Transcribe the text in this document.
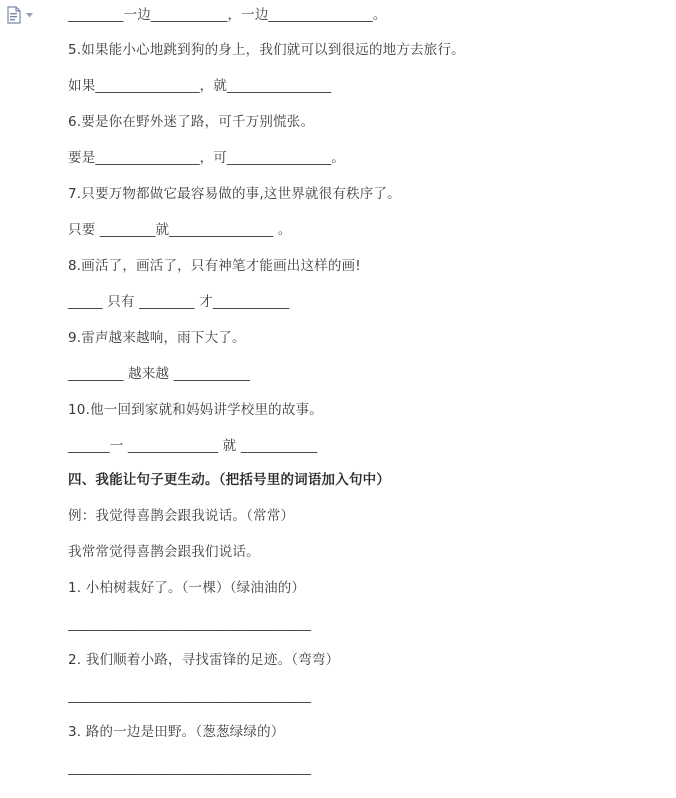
________一边___________，一边_______________。
5.如果能小心地跳到狗的身上，我们就可以到很远的地方去旅行。
如果_______________，就_______________
6.要是你在野外迷了路，可千万别慌张。
要是_______________，可_______________。
7.只要万物都做它最容易做的事,这世界就很有秩序了。
只要 ________就_______________ 。
8.画活了，画活了，只有神笔才能画出这样的画!
_____ 只有 ________ 才___________
9.雷声越来越响，雨下大了。
________ 越来越 ___________
10.他一回到家就和妈妈讲学校里的故事。
______一 _____________ 就 ___________
四、我能让句子更生动。（把括号里的词语加入句中）
例：我觉得喜鹊会跟我说话。（常常）
我常常觉得喜鹊会跟我们说话。
1. 小柏树栽好了。（一棵）（绿油油的）
___________________________________
2. 我们顺着小路，寻找雷锋的足迹。（弯弯）
___________________________________
3. 路的一边是田野。（葱葱绿绿的）
___________________________________
